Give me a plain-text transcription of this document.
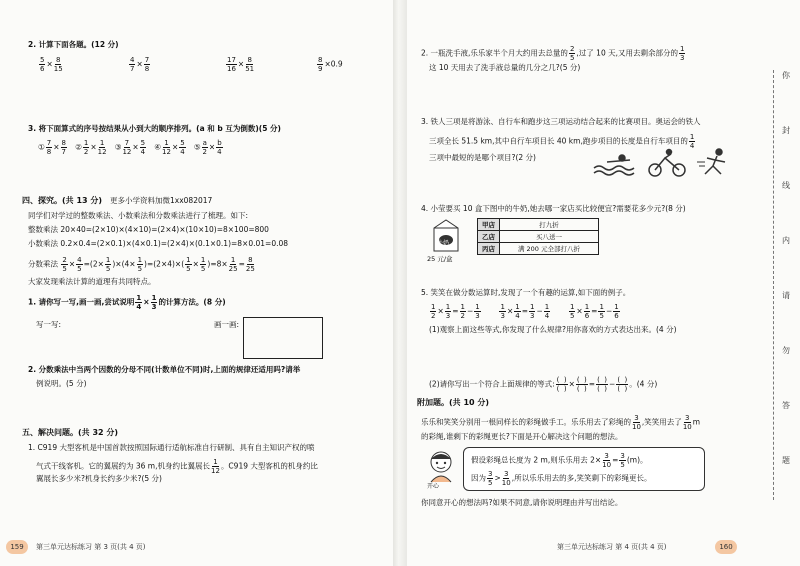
2. 计算下面各题。(12 分)
$\frac{5}{6} \times \frac{8}{15}$	$\frac{4}{7} \times \frac{7}{8}$	$\frac{17}{16} \times \frac{8}{51}$	$\frac{8}{9} \times 0.9$
3. 将下面算式的序号按结果从小到大的顺序排列。(a 和 b 互为倒数)(5 分)
① $\frac{7}{8} \times \frac{8}{7}$ ② $\frac{1}{2} \times \frac{1}{12}$ ③ $\frac{7}{12} \times \frac{5}{4}$ ④ $\frac{1}{12} \times \frac{5}{4}$ ⑤ $\frac{a}{2} \times \frac{b}{4}$
四、探究。(共 13 分) 更多小学资料加微1xx082017
同学们对学过的整数乘法、小数乘法和分数乘法进行了梳理。如下:
整数乘法 20×40=(2×10)×(4×10)=(2×4)×(10×10)=8×100=800
小数乘法 0.2×0.4=(2×0.1)×(4×0.1)=(2×4)×(0.1×0.1)=8×0.01=0.08
分数乘法 $\frac{2}{5} \times \frac{4}{5} =(2\times \frac{1}{5} )\times(4\times \frac{1}{5} )=(2\times 4)\times( \frac{1}{5} \times \frac{1}{5} )=8\times \frac{1}{25} = \frac{8}{25}$
大家发现乘法计算的道理有共同特点。
1. 请你写一写,画一画,尝试说明 $\frac{1}{4} \times \frac{1}{3}$ 的计算方法。(8 分)
写一写:	画一画:
2. 分数乘法中当两个因数的分母不同(计数单位不同)时,上面的规律还适用吗?请举
例说明。(5 分)
五、解决问题。(共 32 分)
1. C919 大型客机是中国首款按照国际通行适航标准自行研制、具有自主知识产权的喷
气式干线客机。它的翼展约为 36 m,机身约比翼展长 $\frac{1}{12}$ 。C919 大型客机的机身约比
翼展长多少米?机身长约多少米?(5 分)
159	第三单元达标练习 第 3 页(共 4 页)
2. 一瓶洗手液,乐乐家半个月大约用去总量的 $\frac{2}{5}$ ,过了 10 天,又用去剩余部分的 $\frac{1}{3}$
这 10 天用去了洗手液总量的几分之几?(5 分)
3. 铁人三项是将游泳、自行车和跑步这三项运动结合起来的比赛项目。奥运会的铁人
三项全长 51.5 km,其中自行车项目长 40 km,跑步项目的长度是自行车项目的 $\frac{1}{4}$
三项中最短的是哪个项目?(2 分)
4. 小莹要买 10 盒下图中的牛奶,她去哪一家店买比较便宜?需要花多少元?(8 分)
牛奶
25 元/盒
甲店	打九折
乙店	买八送一
丙店	满 200 元全部打八折
5. 笑笑在做分数运算时,发现了一个有趣的运算,如下面的例子。
$\frac{1}{2} \times \frac{1}{3} = \frac{1}{2} - \frac{1}{3}$
	$\frac{1}{3} \times \frac{1}{4} = \frac{1}{3} - \frac{1}{4}$
	$\frac{1}{5} \times \frac{1}{6} = \frac{1}{5} - \frac{1}{6}$
(1)观察上面这些等式,你发现了什么规律?用你喜欢的方式表达出来。(4 分)
(2)请你写出一个符合上面规律的等式: $\frac{( )}{( )} \times \frac{( )}{( )} = \frac{( )}{( )} - \frac{( )}{( )}$ 。(4 分)
附加题。(共 10 分)
乐乐和笑笑分别用一根同样长的彩绳做手工。乐乐用去了彩绳的 $\frac{3}{10}$ ,笑笑用去了 $\frac{3}{10}$ m
的彩绳,谁剩下的彩绳更长?下面是开心解决这个问题的想法。
开心
假设彩绳总长度为 2 m,则乐乐用去 $2\times \frac{3}{10} = \frac{3}{5} (m)$。
因为 $\frac{3}{5} > \frac{3}{10}$ ,所以乐乐用去的多,笑笑剩下的彩绳更长。
你同意开心的想法吗?如果不同意,请你说明理由并写出结论。
第三单元达标练习 第 4 页(共 4 页)	160
你
封
线
内
请
勿
答
题
